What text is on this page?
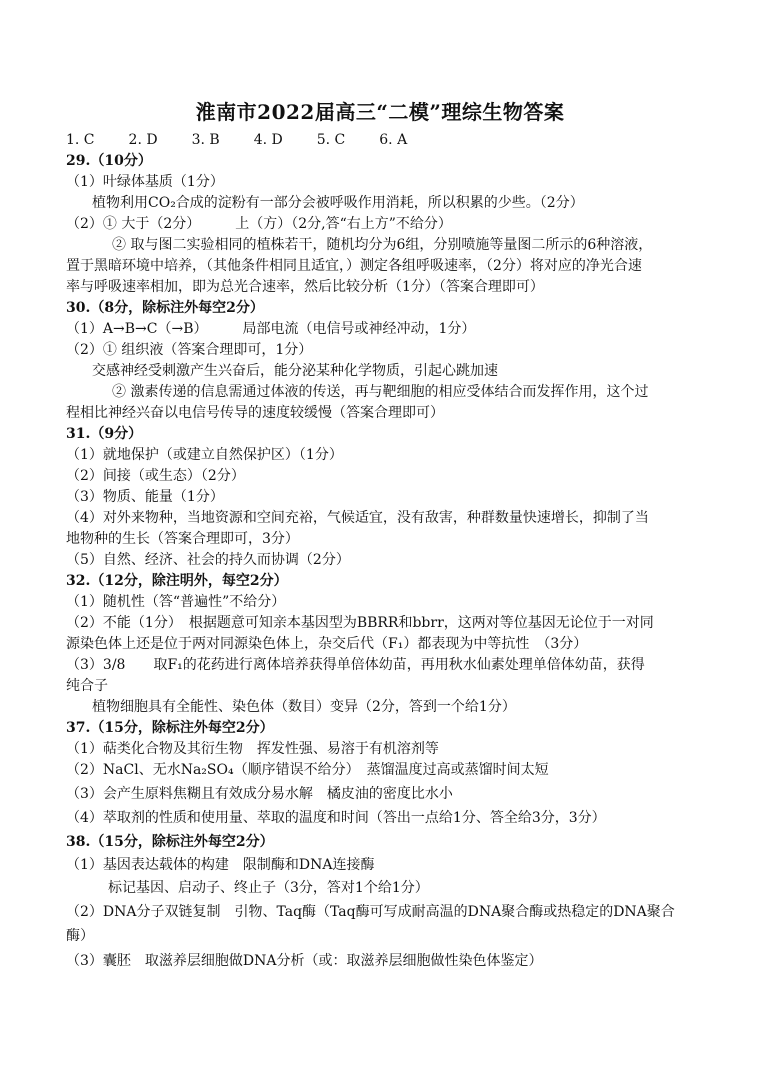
淮南市2022届高三“二模”理综生物答案
1. C 2. D 3. B 4. D 5. C 6. A
29.（10分）
（1）叶绿体基质（1分）
植物利用CO₂合成的淀粉有一部分会被呼吸作用消耗，所以积累的少些。（2分）
（2）① 大于（2分）　　　上（方）（2分,答“右上方”不给分）
② 取与图二实验相同的植株若干，随机均分为6组，分别喷施等量图二所示的6种溶液，
置于黑暗环境中培养，（其他条件相同且适宜，）测定各组呼吸速率，（2分）将对应的净光合速
率与呼吸速率相加，即为总光合速率，然后比较分析（1分）（答案合理即可）
30.（8分，除标注外每空2分）
（1）A→B→C（→B）　　　局部电流（电信号或神经冲动，1分）
（2）① 组织液（答案合理即可，1分）
交感神经受刺激产生兴奋后，能分泌某种化学物质，引起心跳加速
② 激素传递的信息需通过体液的传送，再与靶细胞的相应受体结合而发挥作用，这个过
程相比神经兴奋以电信号传导的速度较缓慢（答案合理即可）
31.（9分）
（1）就地保护（或建立自然保护区）（1分）
（2）间接（或生态）（2分）
（3）物质、能量（1分）
（4）对外来物种，当地资源和空间充裕，气候适宜，没有敌害，种群数量快速增长，抑制了当
地物种的生长（答案合理即可，3分）
（5）自然、经济、社会的持久而协调（2分）
32.（12分，除注明外，每空2分）
（1）随机性（答“普遍性”不给分）
（2）不能（1分）　根据题意可知亲本基因型为BBRR和bbrr，这两对等位基因无论位于一对同
源染色体上还是位于两对同源染色体上，杂交后代（F₁）都表现为中等抗性　（3分）
（3）3/8　　取F₁的花药进行离体培养获得单倍体幼苗，再用秋水仙素处理单倍体幼苗，获得
纯合子
植物细胞具有全能性、染色体（数目）变异（2分，答到一个给1分）
37.（15分，除标注外每空2分）
（1）萜类化合物及其衍生物　挥发性强、易溶于有机溶剂等
（2）NaCl、无水Na₂SO₄（顺序错误不给分）　蒸馏温度过高或蒸馏时间太短
（3）会产生原料焦糊且有效成分易水解　橘皮油的密度比水小
（4）萃取剂的性质和使用量、萃取的温度和时间（答出一点给1分、答全给3分，3分）
38.（15分，除标注外每空2分）
（1）基因表达载体的构建　限制酶和DNA连接酶
标记基因、启动子、终止子（3分，答对1个给1分）
（2）DNA分子双链复制　引物、Taq酶（Taq酶可写成耐高温的DNA聚合酶或热稳定的DNA聚合
酶）
（3）囊胚　取滋养层细胞做DNA分析（或：取滋养层细胞做性染色体鉴定）
